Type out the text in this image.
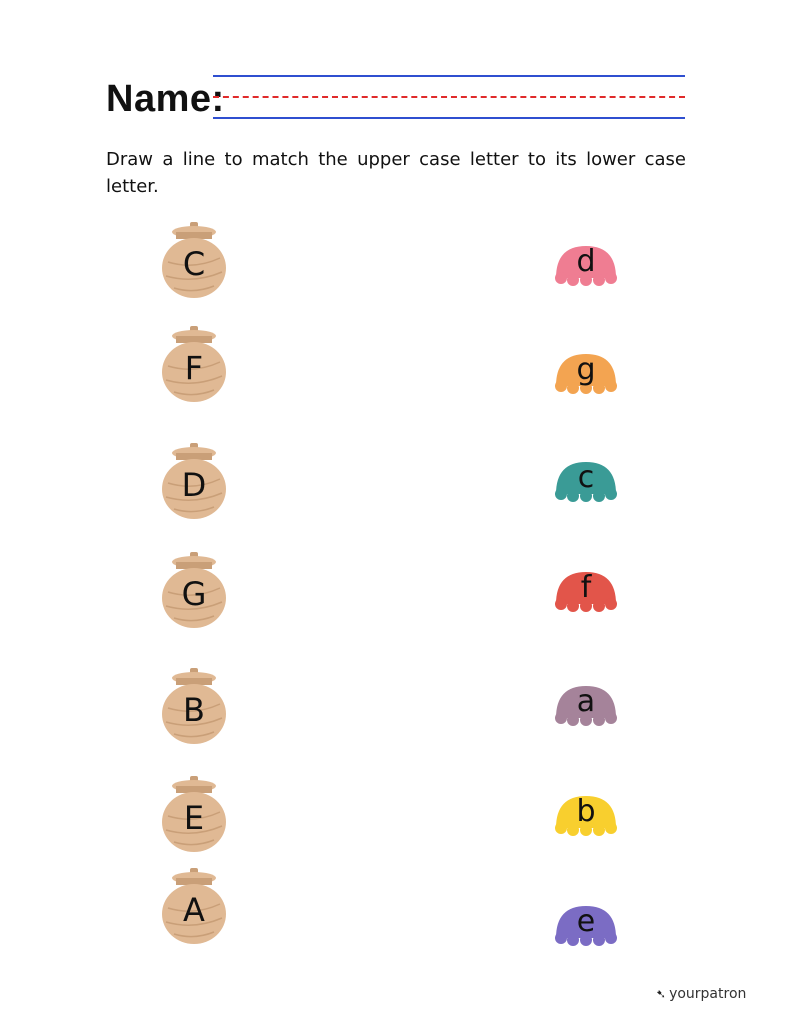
Name:
Draw a line to match the upper case letter to its lower case letter.
C
F
D
G
B
E
A
d
g
c
f
a
b
e
➷ yourpatron
